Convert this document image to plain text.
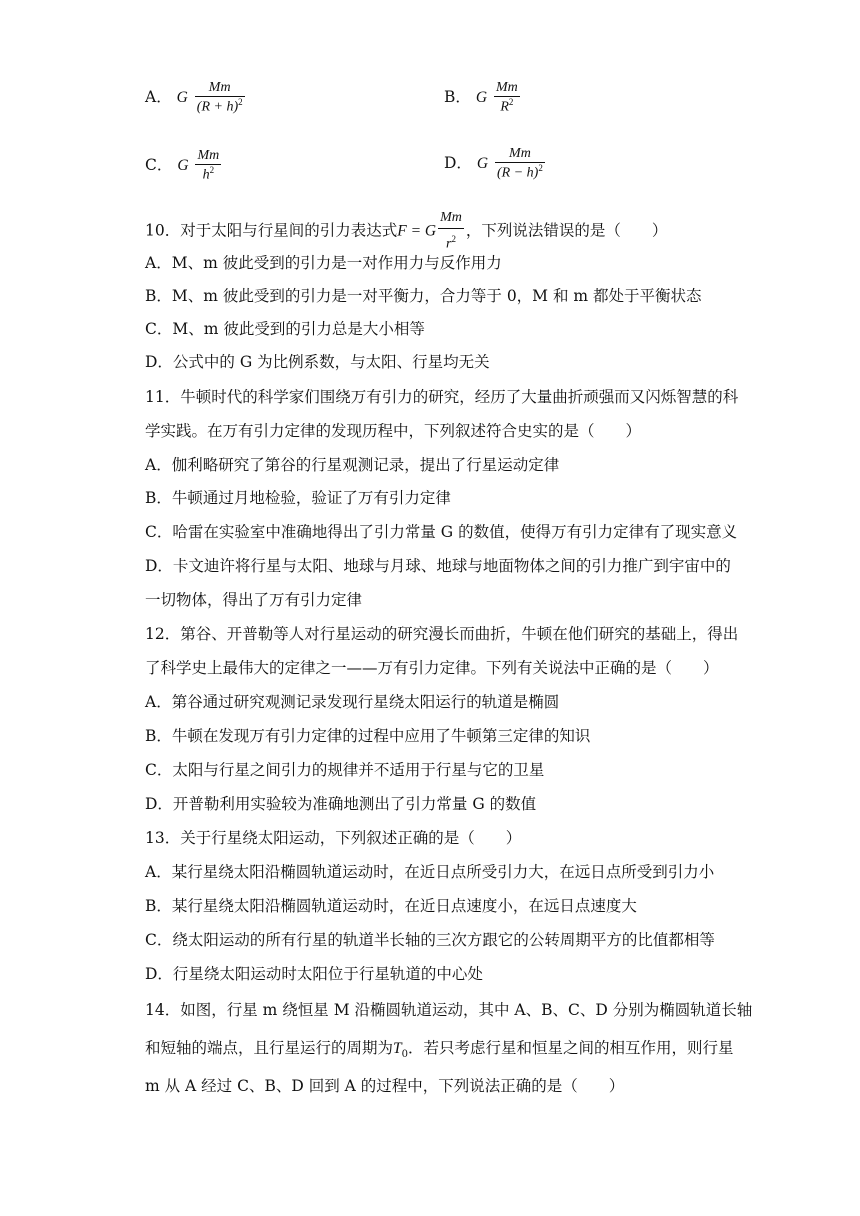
A． G $\frac{Mm}{(R + h)^2}$	B． G $\frac{Mm}{R^2}$
C． G $\frac{Mm}{h^2}$	D． G $\frac{Mm}{(R - h)^2}$
10．对于太阳与行星间的引力表达式F = G $\frac{Mm}{r^2}$ ，下列说法错误的是（　　）
A．M、m 彼此受到的引力是一对作用力与反作用力
B．M、m 彼此受到的引力是一对平衡力，合力等于 0，M 和 m 都处于平衡状态
C．M、m 彼此受到的引力总是大小相等
D．公式中的 G 为比例系数，与太阳、行星均无关
11．牛顿时代的科学家们围绕万有引力的研究，经历了大量曲折顽强而又闪烁智慧的科
学实践。在万有引力定律的发现历程中，下列叙述符合史实的是（　　）
A．伽利略研究了第谷的行星观测记录，提出了行星运动定律
B．牛顿通过月地检验，验证了万有引力定律
C．哈雷在实验室中准确地得出了引力常量 G 的数值，使得万有引力定律有了现实意义
D．卡文迪许将行星与太阳、地球与月球、地球与地面物体之间的引力推广到宇宙中的
一切物体，得出了万有引力定律
12．第谷、开普勒等人对行星运动的研究漫长而曲折，牛顿在他们研究的基础上，得出
了科学史上最伟大的定律之一——万有引力定律。下列有关说法中正确的是（　　）
A．第谷通过研究观测记录发现行星绕太阳运行的轨道是椭圆
B．牛顿在发现万有引力定律的过程中应用了牛顿第三定律的知识
C．太阳与行星之间引力的规律并不适用于行星与它的卫星
D．开普勒利用实验较为准确地测出了引力常量 G 的数值
13．关于行星绕太阳运动，下列叙述正确的是（　　）
A．某行星绕太阳沿椭圆轨道运动时，在近日点所受引力大，在远日点所受到引力小
B．某行星绕太阳沿椭圆轨道运动时，在近日点速度小，在远日点速度大
C．绕太阳运动的所有行星的轨道半长轴的三次方跟它的公转周期平方的比值都相等
D．行星绕太阳运动时太阳位于行星轨道的中心处
14．如图，行星 m 绕恒星 M 沿椭圆轨道运动，其中 A、B、C、D 分别为椭圆轨道长轴
和短轴的端点，且行星运行的周期为$T_0$．若只考虑行星和恒星之间的相互作用，则行星
m 从 A 经过 C、B、D 回到 A 的过程中，下列说法正确的是（　　）
